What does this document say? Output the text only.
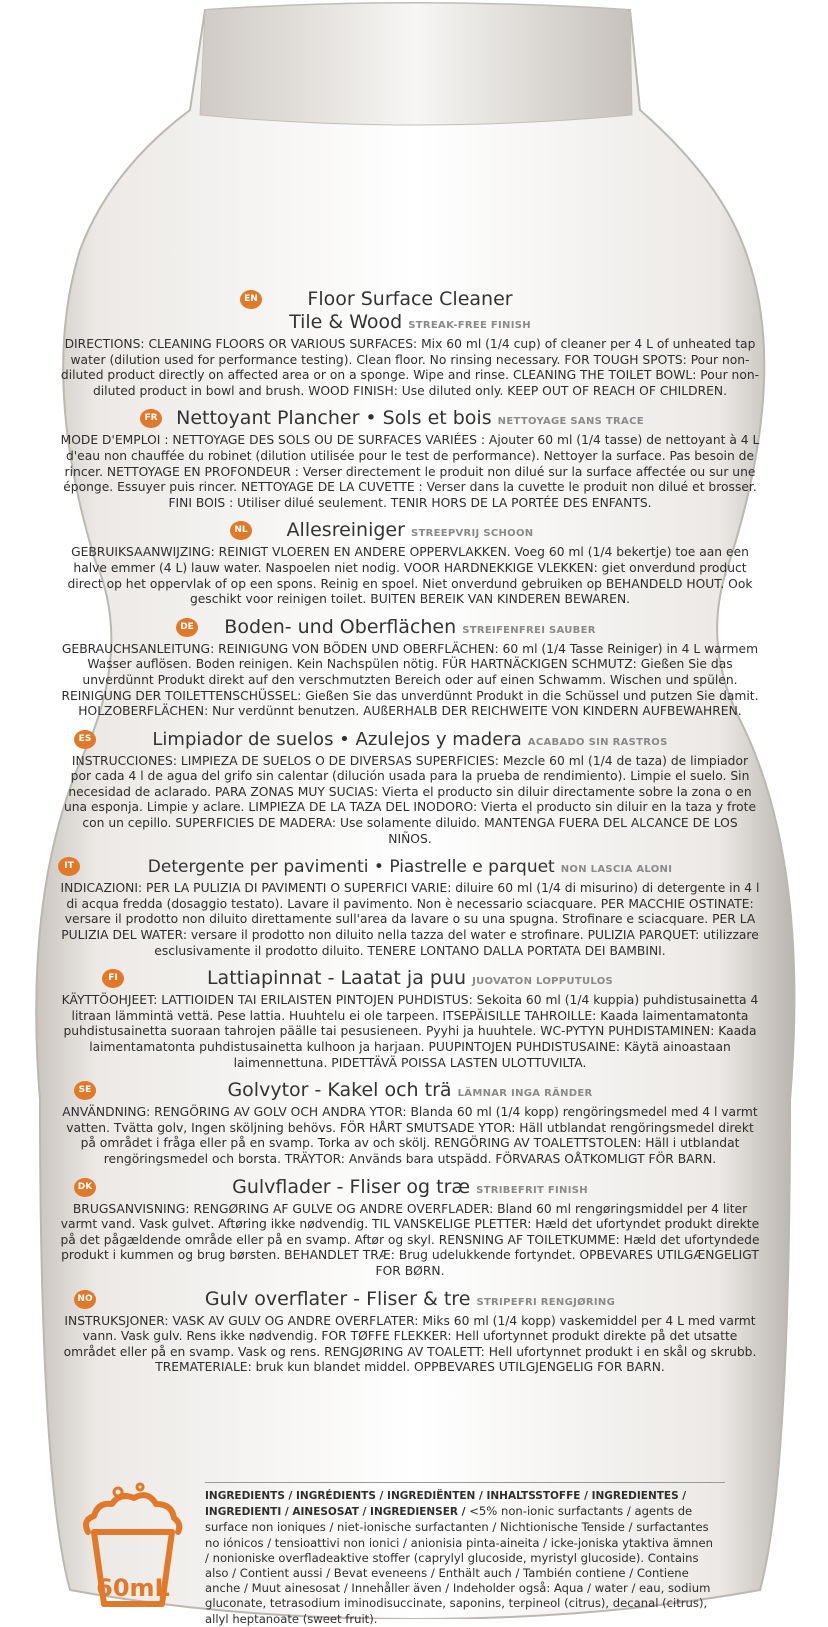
EN	Floor Surface Cleaner
Tile & Wood STREAK-FREE FINISH
DIRECTIONS: CLEANING FLOORS OR VARIOUS SURFACES: Mix 60 ml (1/4 cup) of cleaner per 4 L of unheated tap water (dilution used for performance testing). Clean floor. No rinsing necessary. FOR TOUGH SPOTS: Pour non-diluted product directly on affected area or on a sponge. Wipe and rinse. CLEANING THE TOILET BOWL: Pour non-diluted product in bowl and brush. WOOD FINISH: Use diluted only. KEEP OUT OF REACH OF CHILDREN.
FR Nettoyant Plancher • Sols et bois NETTOYAGE SANS TRACE
MODE D'EMPLOI : NETTOYAGE DES SOLS OU DE SURFACES VARIÉES : Ajouter 60 ml (1/4 tasse) de nettoyant à 4 L d'eau non chauffée du robinet (dilution utilisée pour le test de performance). Nettoyer la surface. Pas besoin de rincer. NETTOYAGE EN PROFONDEUR : Verser directement le produit non dilué sur la surface affectée ou sur une éponge. Essuyer puis rincer. NETTOYAGE DE LA CUVETTE : Verser dans la cuvette le produit non dilué et brosser. FINI BOIS : Utiliser dilué seulement. TENIR HORS DE LA PORTÉE DES ENFANTS.
NL Allesreiniger STREEPVRIJ SCHOON
GEBRUIKSAANWIJZING: REINIGT VLOEREN EN ANDERE OPPERVLAKKEN. Voeg 60 ml (1/4 bekertje) toe aan een halve emmer (4 L) lauw water. Naspoelen niet nodig. VOOR HARDNEKKIGE VLEKKEN: giet onverdund product direct op het oppervlak of op een spons. Reinig en spoel. Niet onverdund gebruiken op BEHANDELD HOUT. Ook geschikt voor reinigen toilet. BUITEN BEREIK VAN KINDEREN BEWAREN.
DE Boden- und Oberflächen STREIFENFREI SAUBER
GEBRAUCHSANLEITUNG: REINIGUNG VON BÖDEN UND OBERFLÄCHEN: 60 ml (1/4 Tasse Reiniger) in 4 L warmem Wasser auflösen. Boden reinigen. Kein Nachspülen nötig. FÜR HARTNÄCKIGEN SCHMUTZ: Gießen Sie das unverdünnt Produkt direkt auf den verschmutzten Bereich oder auf einen Schwamm. Wischen und spülen. REINIGUNG DER TOILETTENSCHÜSSEL: Gießen Sie das unverdünnt Produkt in die Schüssel und putzen Sie damit. HOLZOBERFLÄCHEN: Nur verdünnt benutzen. AUßERHALB DER REICHWEITE VON KINDERN AUFBEWAHREN.
ES	Limpiador de suelos • Azulejos y madera ACABADO SIN RASTROS
INSTRUCCIONES: LIMPIEZA DE SUELOS O DE DIVERSAS SUPERFICIES: Mezcle 60 ml (1/4 de taza) de limpiador por cada 4 l de agua del grifo sin calentar (dilución usada para la prueba de rendimiento). Limpie el suelo. Sin necesidad de aclarado. PARA ZONAS MUY SUCIAS: Vierta el producto sin diluir directamente sobre la zona o en una esponja. Limpie y aclare. LIMPIEZA DE LA TAZA DEL INODORO: Vierta el producto sin diluir en la taza y frote con un cepillo. SUPERFICIES DE MADERA: Use solamente diluido. MANTENGA FUERA DEL ALCANCE DE LOS NIÑOS.
IT	Detergente per pavimenti • Piastrelle e parquet NON LASCIA ALONI
INDICAZIONI: PER LA PULIZIA DI PAVIMENTI O SUPERFICI VARIE: diluire 60 ml (1/4 di misurino) di detergente in 4 l di acqua fredda (dosaggio testato). Lavare il pavimento. Non è necessario sciacquare. PER MACCHIE OSTINATE: versare il prodotto non diluito direttamente sull'area da lavare o su una spugna. Strofinare e sciacquare. PER LA PULIZIA DEL WATER: versare il prodotto non diluito nella tazza del water e strofinare. PULIZIA PARQUET: utilizzare esclusivamente il prodotto diluito. TENERE LONTANO DALLA PORTATA DEI BAMBINI.
FI	Lattiapinnat - Laatat ja puu JUOVATON LOPPUTULOS
KÄYTTÖOHJEET: LATTIOIDEN TAI ERILAISTEN PINTOJEN PUHDISTUS: Sekoita 60 ml (1/4 kuppia) puhdistusainetta 4 litraan lämmintä vettä. Pese lattia. Huuhtelu ei ole tarpeen. ITSEPÄISILLE TAHROILLE: Kaada laimentamatonta puhdistusainetta suoraan tahrojen päälle tai pesusieneen. Pyyhi ja huuhtele. WC-PYTYN PUHDISTAMINEN: Kaada laimentamatonta puhdistusainetta kulhoon ja harjaan. PUUPINTOJEN PUHDISTUSAINE: Käytä ainoastaan laimennettuna. PIDETTÄVÄ POISSA LASTEN ULOTTUVILTA.
SE	Golvytor - Kakel och trä LÄMNAR INGA RÄNDER
ANVÄNDNING: RENGÖRING AV GOLV OCH ANDRA YTOR: Blanda 60 ml (1/4 kopp) rengöringsmedel med 4 l varmt vatten. Tvätta golv, Ingen sköljning behövs. FÖR HÅRT SMUTSADE YTOR: Häll utblandat rengöringsmedel direkt på området i fråga eller på en svamp. Torka av och skölj. RENGÖRING AV TOALETTSTOLEN: Häll i utblandat rengöringsmedel och borsta. TRÄYTOR: Används bara utspädd. FÖRVARAS OÅTKOMLIGT FÖR BARN.
DK	Gulvflader - Fliser og træ STRIBEFRIT FINISH
BRUGSANVISNING: RENGØRING AF GULVE OG ANDRE OVERFLADER: Bland 60 ml rengøringsmiddel per 4 liter varmt vand. Vask gulvet. Aftøring ikke nødvendig. TIL VANSKELIGE PLETTER: Hæld det ufortyndet produkt direkte på det pågældende område eller på en svamp. Aftør og skyl. RENSNING AF TOILETKUMME: Hæld det ufortyndede produkt i kummen og brug børsten. BEHANDLET TRÆ: Brug udelukkende fortyndet. OPBEVARES UTILGÆNGELIGT FOR BØRN.
NO	Gulv overflater - Fliser & tre STRIPEFRI RENGJØRING
INSTRUKSJONER: VASK AV GULV OG ANDRE OVERFLATER: Miks 60 ml (1/4 kopp) vaskemiddel per 4 L med varmt vann. Vask gulv. Rens ikke nødvendig. FOR TØFFE FLEKKER: Hell ufortynnet produkt direkte på det utsatte området eller på en svamp. Vask og rens. RENGJØRING AV TOALETT: Hell ufortynnet produkt i en skål og skrubb. TREMATERIALE: bruk kun blandet middel. OPPBEVARES UTILGJENGELIG FOR BARN.
60mL
INGREDIENTS / INGRÉDIENTS / INGREDIËNTEN / INHALTSSTOFFE / INGREDIENTES / INGREDIENTI / AINESOSAT / INGREDIENSER / <5% non-ionic surfactants / agents de surface non ioniques / niet-ionische surfactanten / Nichtionische Tenside / surfactantes no iónicos / tensioattivi non ionici / anionisia pinta-aineita / icke-joniska ytaktiva ämnen / nonioniske overfladeaktive stoffer (caprylyl glucoside, myristyl glucoside). Contains also / Contient aussi / Bevat eveneens / Enthält auch / También contiene / Contiene anche / Muut ainesosat / Innehåller även / Indeholder også: Aqua / water / eau, sodium gluconate, tetrasodium iminodisuccinate, saponins, terpineol (citrus), decanal (citrus), allyl heptanoate (sweet fruit).
